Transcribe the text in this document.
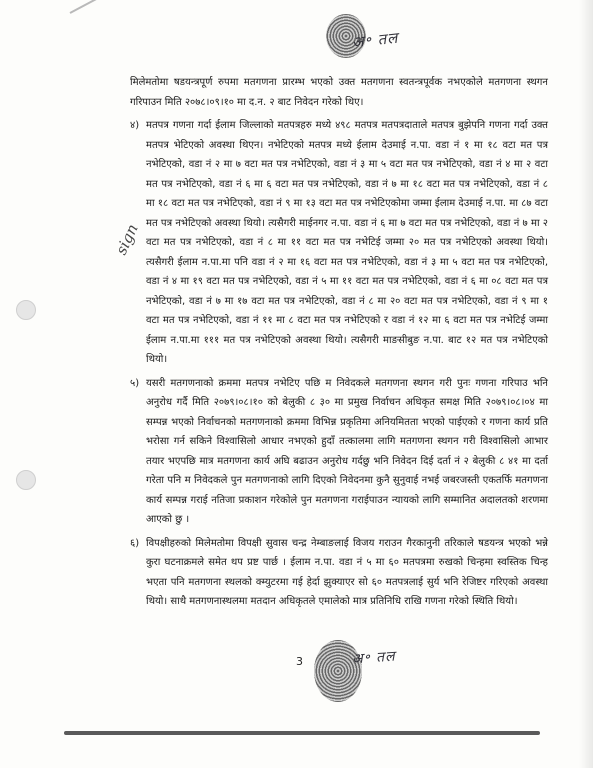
अ॰ तल
sign

मिलेमतोमा षडयन्त्रपूर्ण रुपमा मतगणना प्रारम्भ भएको उक्त मतगणना स्वतन्त्रपूर्वक नभएकोले मतगणना स्थगन गरिपाउन मिति २०७८।०९।१० मा द.न. २ बाट निवेदन गरेको थिए।

४) मतपत्र गणना गर्दा ईलाम जिल्लाको मतपत्रहरु मध्ये ४९८ मतपत्र मतपत्रदाताले मतपत्र बुझेपनि गणना गर्दा उक्त मतपत्र भेटिएको अवस्था थिएन। नभेटिएको मतपत्र मध्ये ईलाम देउमाई न.पा. वडा नं १ मा १८ वटा मत पत्र नभेटिएको, वडा नं २ मा ७ वटा मत पत्र नभेटिएको, वडा नं ३ मा ५ वटा मत पत्र नभेटिएको, वडा नं ४ मा २ वटा मत पत्र नभेटिएको, वडा नं ६ मा ६ वटा मत पत्र नभेटिएको, वडा नं ७ मा १८ वटा मत पत्र नभेटिएको, वडा नं ८ मा १८ वटा मत पत्र नभेटिएको, वडा नं ९ मा १३ वटा मत पत्र नभेटिएकोमा जम्मा ईलाम देउमाई न.पा. मा ८७ वटा मत पत्र नभेटिएको अवस्था थियो। त्यसैगरी माईनगर न.पा. वडा नं ६ मा ७ वटा मत पत्र नभेटिएको, वडा नं ७ मा २ वटा मत पत्र नभेटिएको, वडा नं ८ मा ११ वटा मत पत्र नभेटिई जम्मा २० मत पत्र नभेटिएको अवस्था थियो। त्यसैगरी ईलाम न.पा.मा पनि वडा नं २ मा १६ वटा मत पत्र नभेटिएको, वडा नं ३ मा ५ वटा मत पत्र नभेटिएको, वडा नं ४ मा १९ वटा मत पत्र नभेटिएको, वडा नं ५ मा ११ वटा मत पत्र नभेटिएको, वडा नं ६ मा ०८ वटा मत पत्र नभेटिएको, वडा नं ७ मा १७ वटा मत पत्र नभेटिएको, वडा नं ८ मा २० वटा मत पत्र नभेटिएको, वडा नं ९ मा १ वटा मत पत्र नभेटिएको, वडा नं ११ मा ८ वटा मत पत्र नभेटिएको र वडा नं १२ मा ६ वटा मत पत्र नभेटिई जम्मा ईलाम न.पा.मा १११ मत पत्र नभेटिएको अवस्था थियो। त्यसैगरी माङसीबुङ न.पा. बाट १२ मत पत्र नभेटिएको थियो।

५) यसरी मतगणनाको क्रममा मतपत्र नभेटिए पछि म निवेदकले मतगणना स्थगन गरी पुनः गणना गरिपाउ भनि अनुरोध गर्दै मिति २०७९।०८।१० को बेलुकी ८ ३० मा प्रमुख निर्वाचन अधिकृत समक्ष मिति २०७९।०८।०४ मा सम्पन्न भएको निर्वाचनको मतगणनाको क्रममा विभिन्न प्रकृतिमा अनियमितता भएको पाईएको र गणना कार्य प्रति भरोसा गर्न सकिने विश्वासिलो आधार नभएको हुदाँ तत्कालमा लागि मतगणना स्थगन गरी विश्वासिलो आभार तयार भएपछि मात्र मतगणना कार्य अघि बढाउन अनुरोध गर्दछु भनि निवेदन दिई दर्ता नं २ बेलुकी ८ ४१ मा दर्ता गरेता पनि म निवेदकले पुन मतगणनाको लागि दिएको निवेदनमा कुनै सुनुवाई नभई जबरजस्ती एकतर्फि मतगणना कार्य सम्पन्न गराई नतिजा प्रकाशन गरेकोले पुन मतगणना गराईपाउन न्यायको लागि सम्मानित अदालतको शरणमा आएको छु ।

६) विपक्षीहरुको मिलेमतोमा विपक्षी सुवास चन्द्र नेम्बाङलाई विजय गराउन गैरकानुनी तरिकाले षडयन्त्र भएको भन्ने कुरा घटनाक्रमले समेत थप प्रष्ट पार्छ । ईलाम न.पा. वडा नं ५ मा ६० मतपत्रमा रुखको चिन्हमा स्वस्तिक चिन्ह भएता पनि मतगणना स्थलको क्म्युटरमा गई हेर्दा झुक्याएर सो ६० मतपत्रलाई सुर्य भनि रेजिष्टर गरिएको अवस्था थियो। साथै मतगणनास्थलमा मतदान अधिकृतले एमालेको मात्र प्रतिनिधि राखि गणना गरेको स्थिति थियो।

3	अ॰ तल
